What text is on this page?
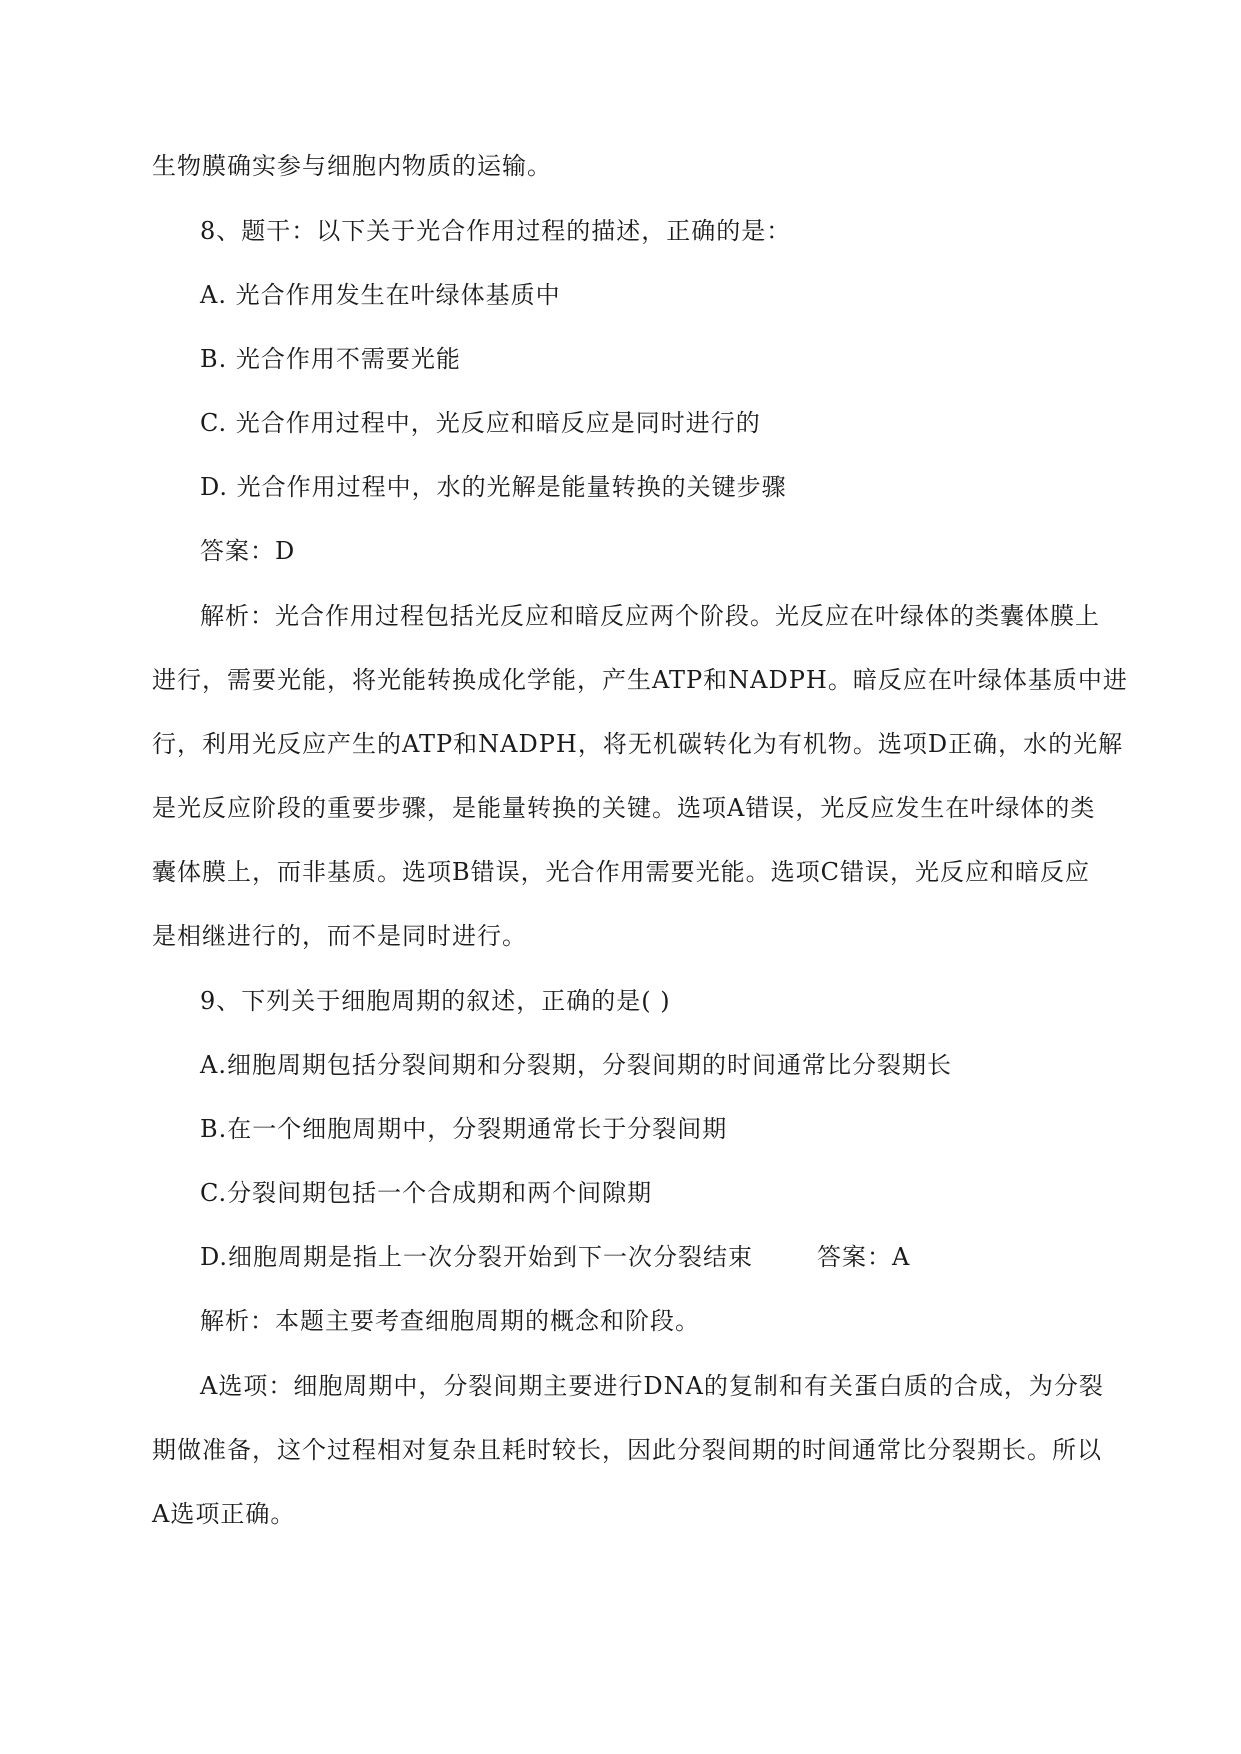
生物膜确实参与细胞内物质的运输。
8、题干：以下关于光合作用过程的描述，正确的是：
A. 光合作用发生在叶绿体基质中
B. 光合作用不需要光能
C. 光合作用过程中，光反应和暗反应是同时进行的
D. 光合作用过程中，水的光解是能量转换的关键步骤
答案：D
解析：光合作用过程包括光反应和暗反应两个阶段。光反应在叶绿体的类囊体膜上
进行，需要光能，将光能转换成化学能，产生ATP和NADPH。暗反应在叶绿体基质中进
行，利用光反应产生的ATP和NADPH，将无机碳转化为有机物。选项D正确，水的光解
是光反应阶段的重要步骤，是能量转换的关键。选项A错误，光反应发生在叶绿体的类
囊体膜上，而非基质。选项B错误，光合作用需要光能。选项C错误，光反应和暗反应
是相继进行的，而不是同时进行。
9、下列关于细胞周期的叙述，正确的是( )
A.细胞周期包括分裂间期和分裂期，分裂间期的时间通常比分裂期长
B.在一个细胞周期中，分裂期通常长于分裂间期
C.分裂间期包括一个合成期和两个间隙期
D.细胞周期是指上一次分裂开始到下一次分裂结束	答案：A
解析：本题主要考查细胞周期的概念和阶段。
A选项：细胞周期中，分裂间期主要进行DNA的复制和有关蛋白质的合成，为分裂
期做准备，这个过程相对复杂且耗时较长，因此分裂间期的时间通常比分裂期长。所以
A选项正确。
